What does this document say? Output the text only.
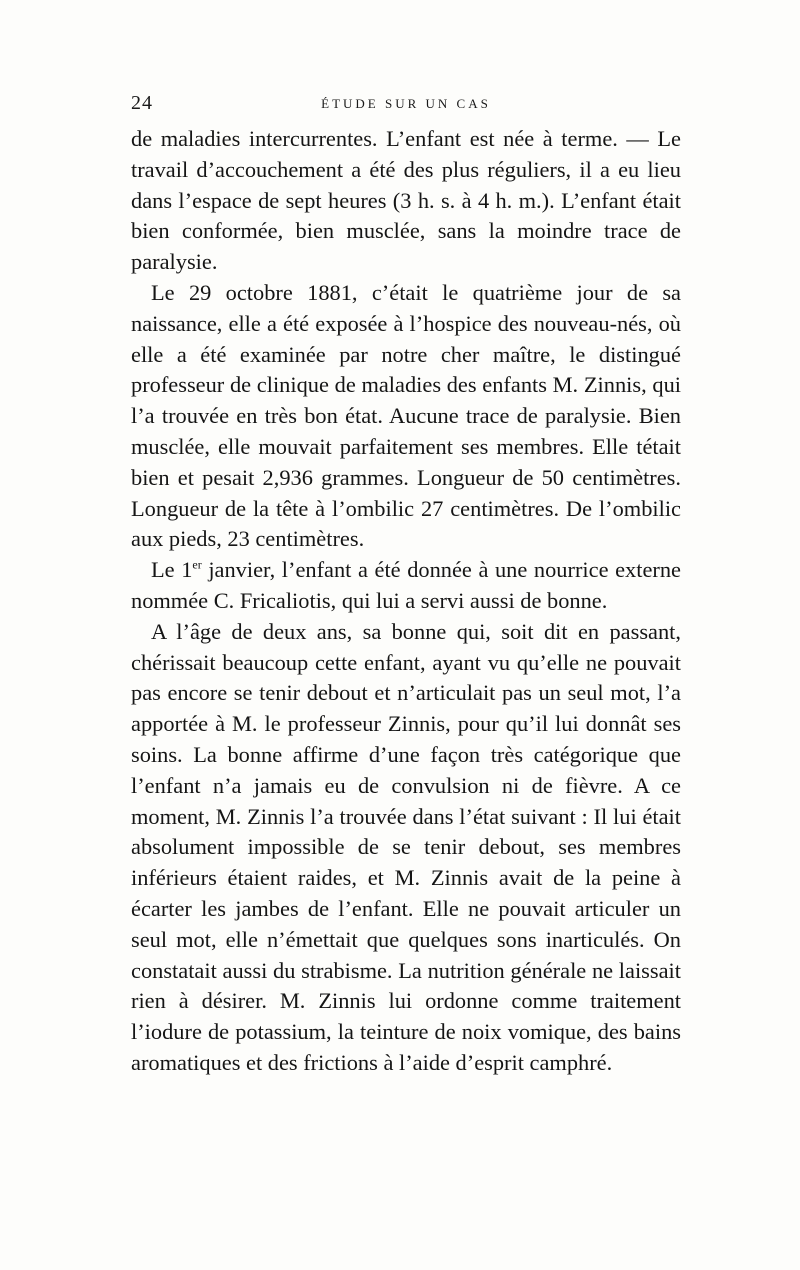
24	ÉTUDE SUR UN CAS

de maladies intercurrentes. L’enfant est née à terme. — Le travail d’accouchement a été des plus réguliers, il a eu lieu dans l’espace de sept heures (3 h. s. à 4 h. m.). L’enfant était bien conformée, bien musclée, sans la moindre trace de paralysie.

Le 29 octobre 1881, c’était le quatrième jour de sa naissance, elle a été exposée à l’hospice des nouveau-nés, où elle a été examinée par notre cher maître, le distingué professeur de clinique de maladies des enfants M. Zinnis, qui l’a trouvée en très bon état. Aucune trace de paralysie. Bien musclée, elle mouvait parfaitement ses membres. Elle tétait bien et pesait 2,936 grammes. Longueur de 50 centimètres. Longueur de la tête à l’ombilic 27 centimètres. De l’ombilic aux pieds, 23 centimètres.

Le 1er janvier, l’enfant a été donnée à une nourrice externe nommée C. Fricaliotis, qui lui a servi aussi de bonne.

A l’âge de deux ans, sa bonne qui, soit dit en passant, chérissait beaucoup cette enfant, ayant vu qu’elle ne pouvait pas encore se tenir debout et n’articulait pas un seul mot, l’a apportée à M. le professeur Zinnis, pour qu’il lui donnât ses soins. La bonne affirme d’une façon très catégorique que l’enfant n’a jamais eu de convulsion ni de fièvre. A ce moment, M. Zinnis l’a trouvée dans l’état suivant : Il lui était absolument impossible de se tenir debout, ses membres inférieurs étaient raides, et M. Zinnis avait de la peine à écarter les jambes de l’enfant. Elle ne pouvait articuler un seul mot, elle n’émettait que quelques sons inarticulés. On constatait aussi du strabisme. La nutrition générale ne laissait rien à désirer. M. Zinnis lui ordonne comme traitement l’iodure de potassium, la teinture de noix vomique, des bains aromatiques et des frictions à l’aide d’esprit camphré.
